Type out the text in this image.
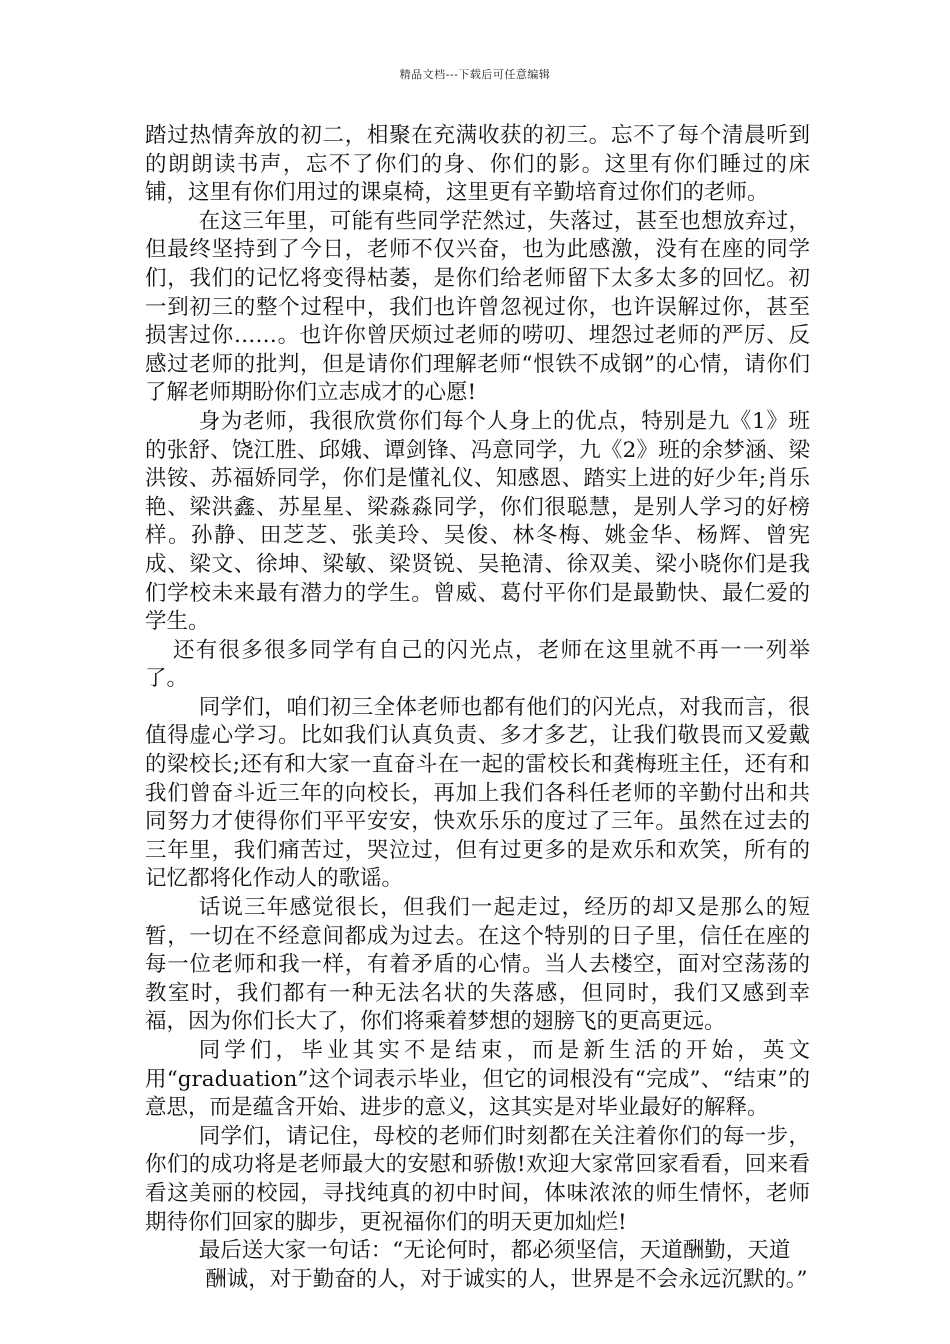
精品文档---下载后可任意编辑

踏过热情奔放的初二，相聚在充满收获的初三。忘不了每个清晨听到的朗朗读书声，忘不了你们的身、你们的影。这里有你们睡过的床铺，这里有你们用过的课桌椅，这里更有辛勤培育过你们的老师。

在这三年里，可能有些同学茫然过，失落过，甚至也想放弃过，但最终坚持到了今日，老师不仅兴奋，也为此感激，没有在座的同学们，我们的记忆将变得枯萎，是你们给老师留下太多太多的回忆。初一到初三的整个过程中，我们也许曾忽视过你，也许误解过你，甚至损害过你……。也许你曾厌烦过老师的唠叨、埋怨过老师的严厉、反感过老师的批判，但是请你们理解老师“恨铁不成钢”的心情，请你们了解老师期盼你们立志成才的心愿!

身为老师，我很欣赏你们每个人身上的优点，特别是九《1》班的张舒、饶江胜、邱娥、谭剑锋、冯意同学，九《2》班的余梦涵、梁洪铵、苏福娇同学，你们是懂礼仪、知感恩、踏实上进的好少年;肖乐艳、梁洪鑫、苏星星、梁淼淼同学，你们很聪慧，是别人学习的好榜样。孙静、田芝芝、张美玲、吴俊、林冬梅、姚金华、杨辉、曾宪成、梁文、徐坤、梁敏、梁贤锐、吴艳清、徐双美、梁小晓你们是我们学校未来最有潜力的学生。曾威、葛付平你们是最勤快、最仁爱的学生。

还有很多很多同学有自己的闪光点，老师在这里就不再一一列举了。

同学们，咱们初三全体老师也都有他们的闪光点，对我而言，很值得虚心学习。比如我们认真负责、多才多艺，让我们敬畏而又爱戴的梁校长;还有和大家一直奋斗在一起的雷校长和龚梅班主任，还有和我们曾奋斗近三年的向校长，再加上我们各科任老师的辛勤付出和共同努力才使得你们平平安安，快欢乐乐的度过了三年。虽然在过去的三年里，我们痛苦过，哭泣过，但有过更多的是欢乐和欢笑，所有的记忆都将化作动人的歌谣。

话说三年感觉很长，但我们一起走过，经历的却又是那么的短暂，一切在不经意间都成为过去。在这个特别的日子里，信任在座的每一位老师和我一样，有着矛盾的心情。当人去楼空，面对空荡荡的教室时，我们都有一种无法名状的失落感，但同时，我们又感到幸福，因为你们长大了，你们将乘着梦想的翅膀飞的更高更远。

同学们，毕业其实不是结束，而是新生活的开始，英文用“graduation”这个词表示毕业，但它的词根没有“完成”、“结束”的意思，而是蕴含开始、进步的意义，这其实是对毕业最好的解释。

同学们，请记住，母校的老师们时刻都在关注着你们的每一步，你们的成功将是老师最大的安慰和骄傲!欢迎大家常回家看看，回来看看这美丽的校园，寻找纯真的初中时间，体味浓浓的师生情怀，老师期待你们回家的脚步，更祝福你们的明天更加灿烂!

最后送大家一句话：“无论何时，都必须坚信，天道酬勤，天道

酬诚，对于勤奋的人，对于诚实的人，世界是不会永远沉默的。”
